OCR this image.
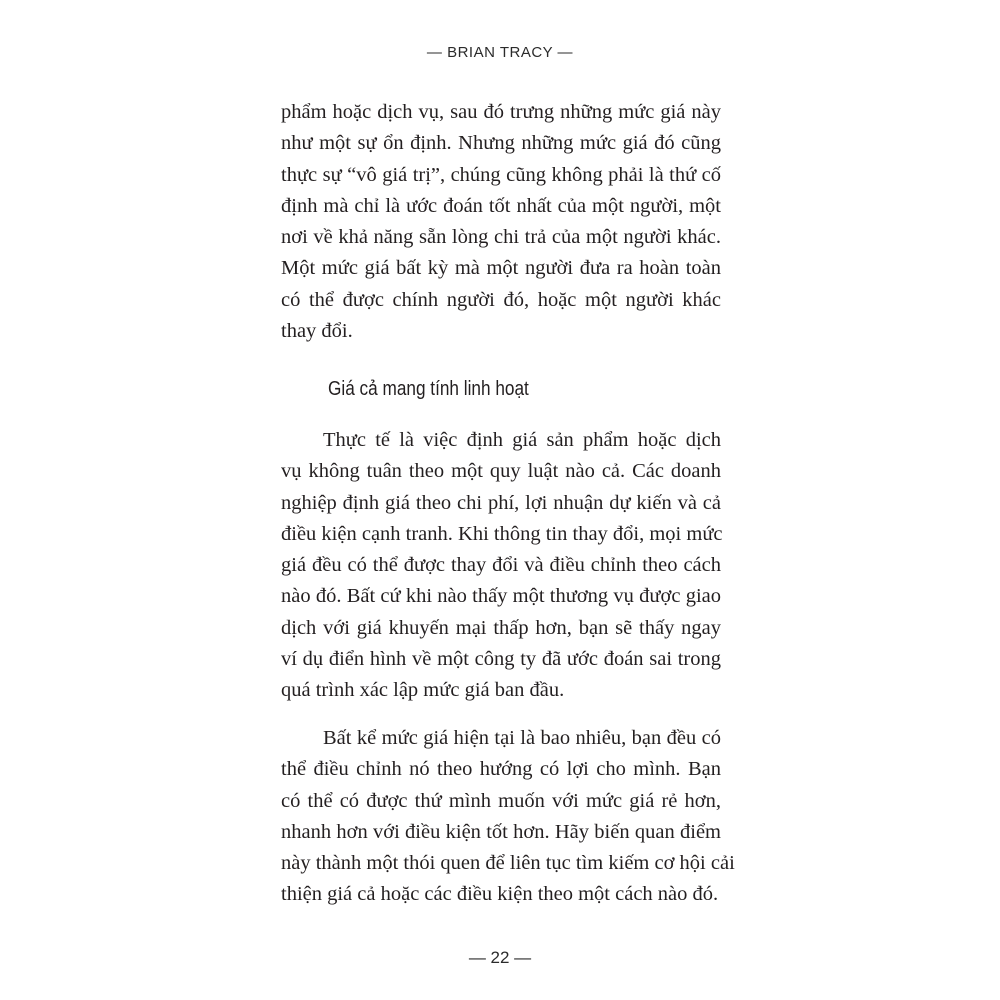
— BRIAN TRACY —
phẩm hoặc dịch vụ, sau đó trưng những mức giá này
như một sự ổn định. Nhưng những mức giá đó cũng
thực sự “vô giá trị”, chúng cũng không phải là thứ cố
định mà chỉ là ước đoán tốt nhất của một người, một
nơi về khả năng sẵn lòng chi trả của một người khác.
Một mức giá bất kỳ mà một người đưa ra hoàn toàn
có thể được chính người đó, hoặc một người khác
thay đổi.
Giá cả mang tính linh hoạt
Thực tế là việc định giá sản phẩm hoặc dịch
vụ không tuân theo một quy luật nào cả. Các doanh
nghiệp định giá theo chi phí, lợi nhuận dự kiến và cả
điều kiện cạnh tranh. Khi thông tin thay đổi, mọi mức
giá đều có thể được thay đổi và điều chỉnh theo cách
nào đó. Bất cứ khi nào thấy một thương vụ được giao
dịch với giá khuyến mại thấp hơn, bạn sẽ thấy ngay
ví dụ điển hình về một công ty đã ước đoán sai trong
quá trình xác lập mức giá ban đầu.
Bất kể mức giá hiện tại là bao nhiêu, bạn đều có
thể điều chỉnh nó theo hướng có lợi cho mình. Bạn
có thể có được thứ mình muốn với mức giá rẻ hơn,
nhanh hơn với điều kiện tốt hơn. Hãy biến quan điểm
này thành một thói quen để liên tục tìm kiếm cơ hội cải
thiện giá cả hoặc các điều kiện theo một cách nào đó.
— 22 —
